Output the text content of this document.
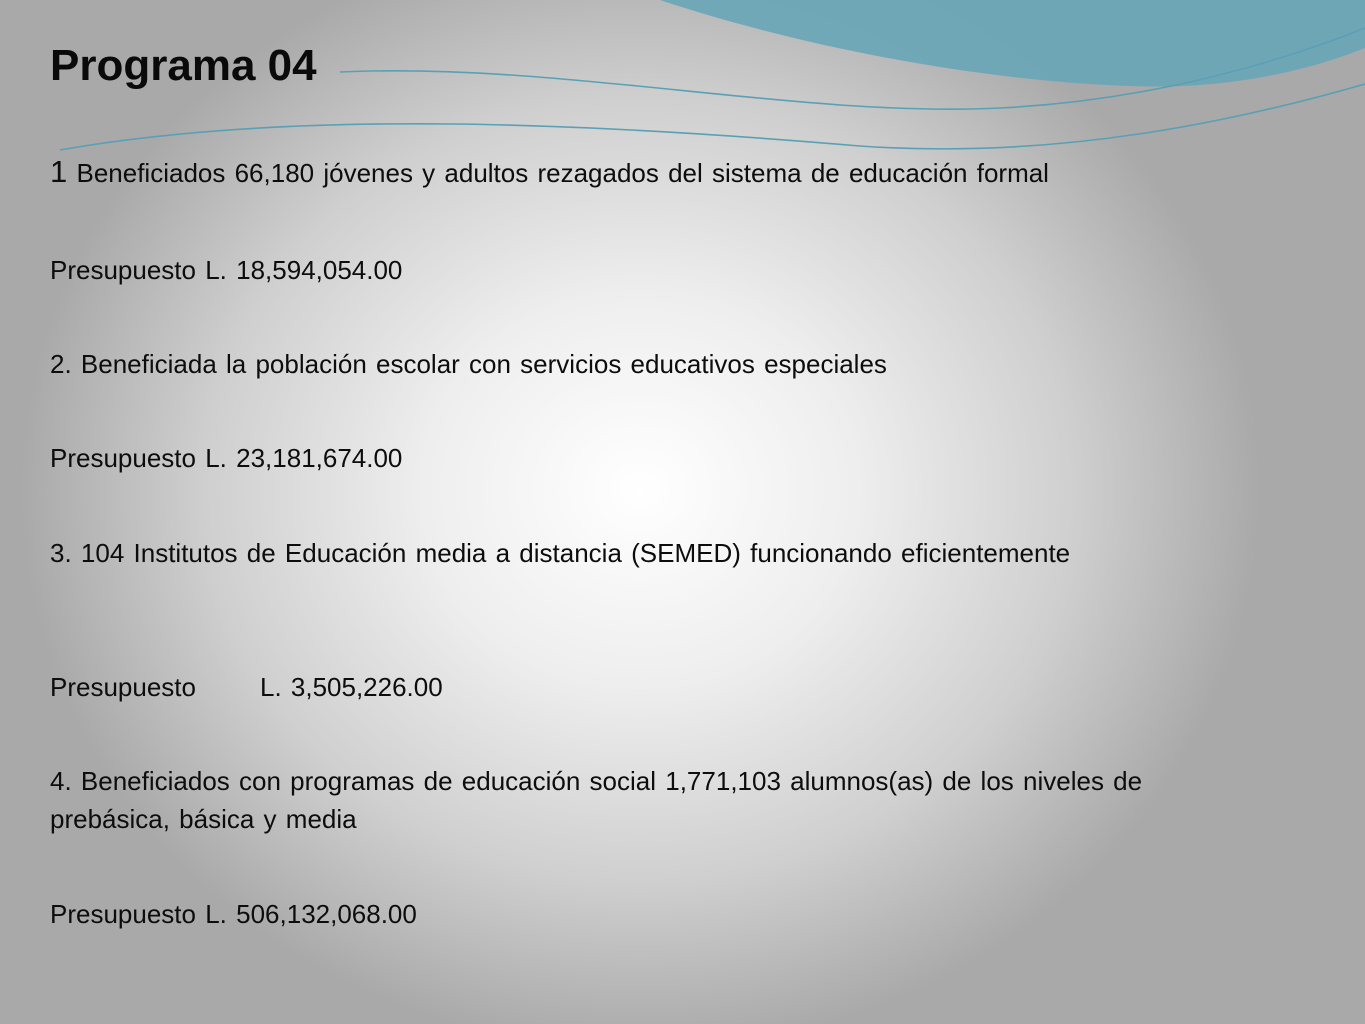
Programa 04

1 Beneficiados 66,180 jóvenes y adultos rezagados del sistema de educación formal

Presupuesto L. 18,594,054.00

2. Beneficiada la población escolar con servicios educativos especiales

Presupuesto L. 23,181,674.00

3. 104 Institutos de Educación media a distancia (SEMED) funcionando eficientemente

Presupuesto L. 3,505,226.00

4. Beneficiados con programas de educación social 1,771,103 alumnos(as) de los niveles de prebásica, básica y media

Presupuesto L. 506,132,068.00
